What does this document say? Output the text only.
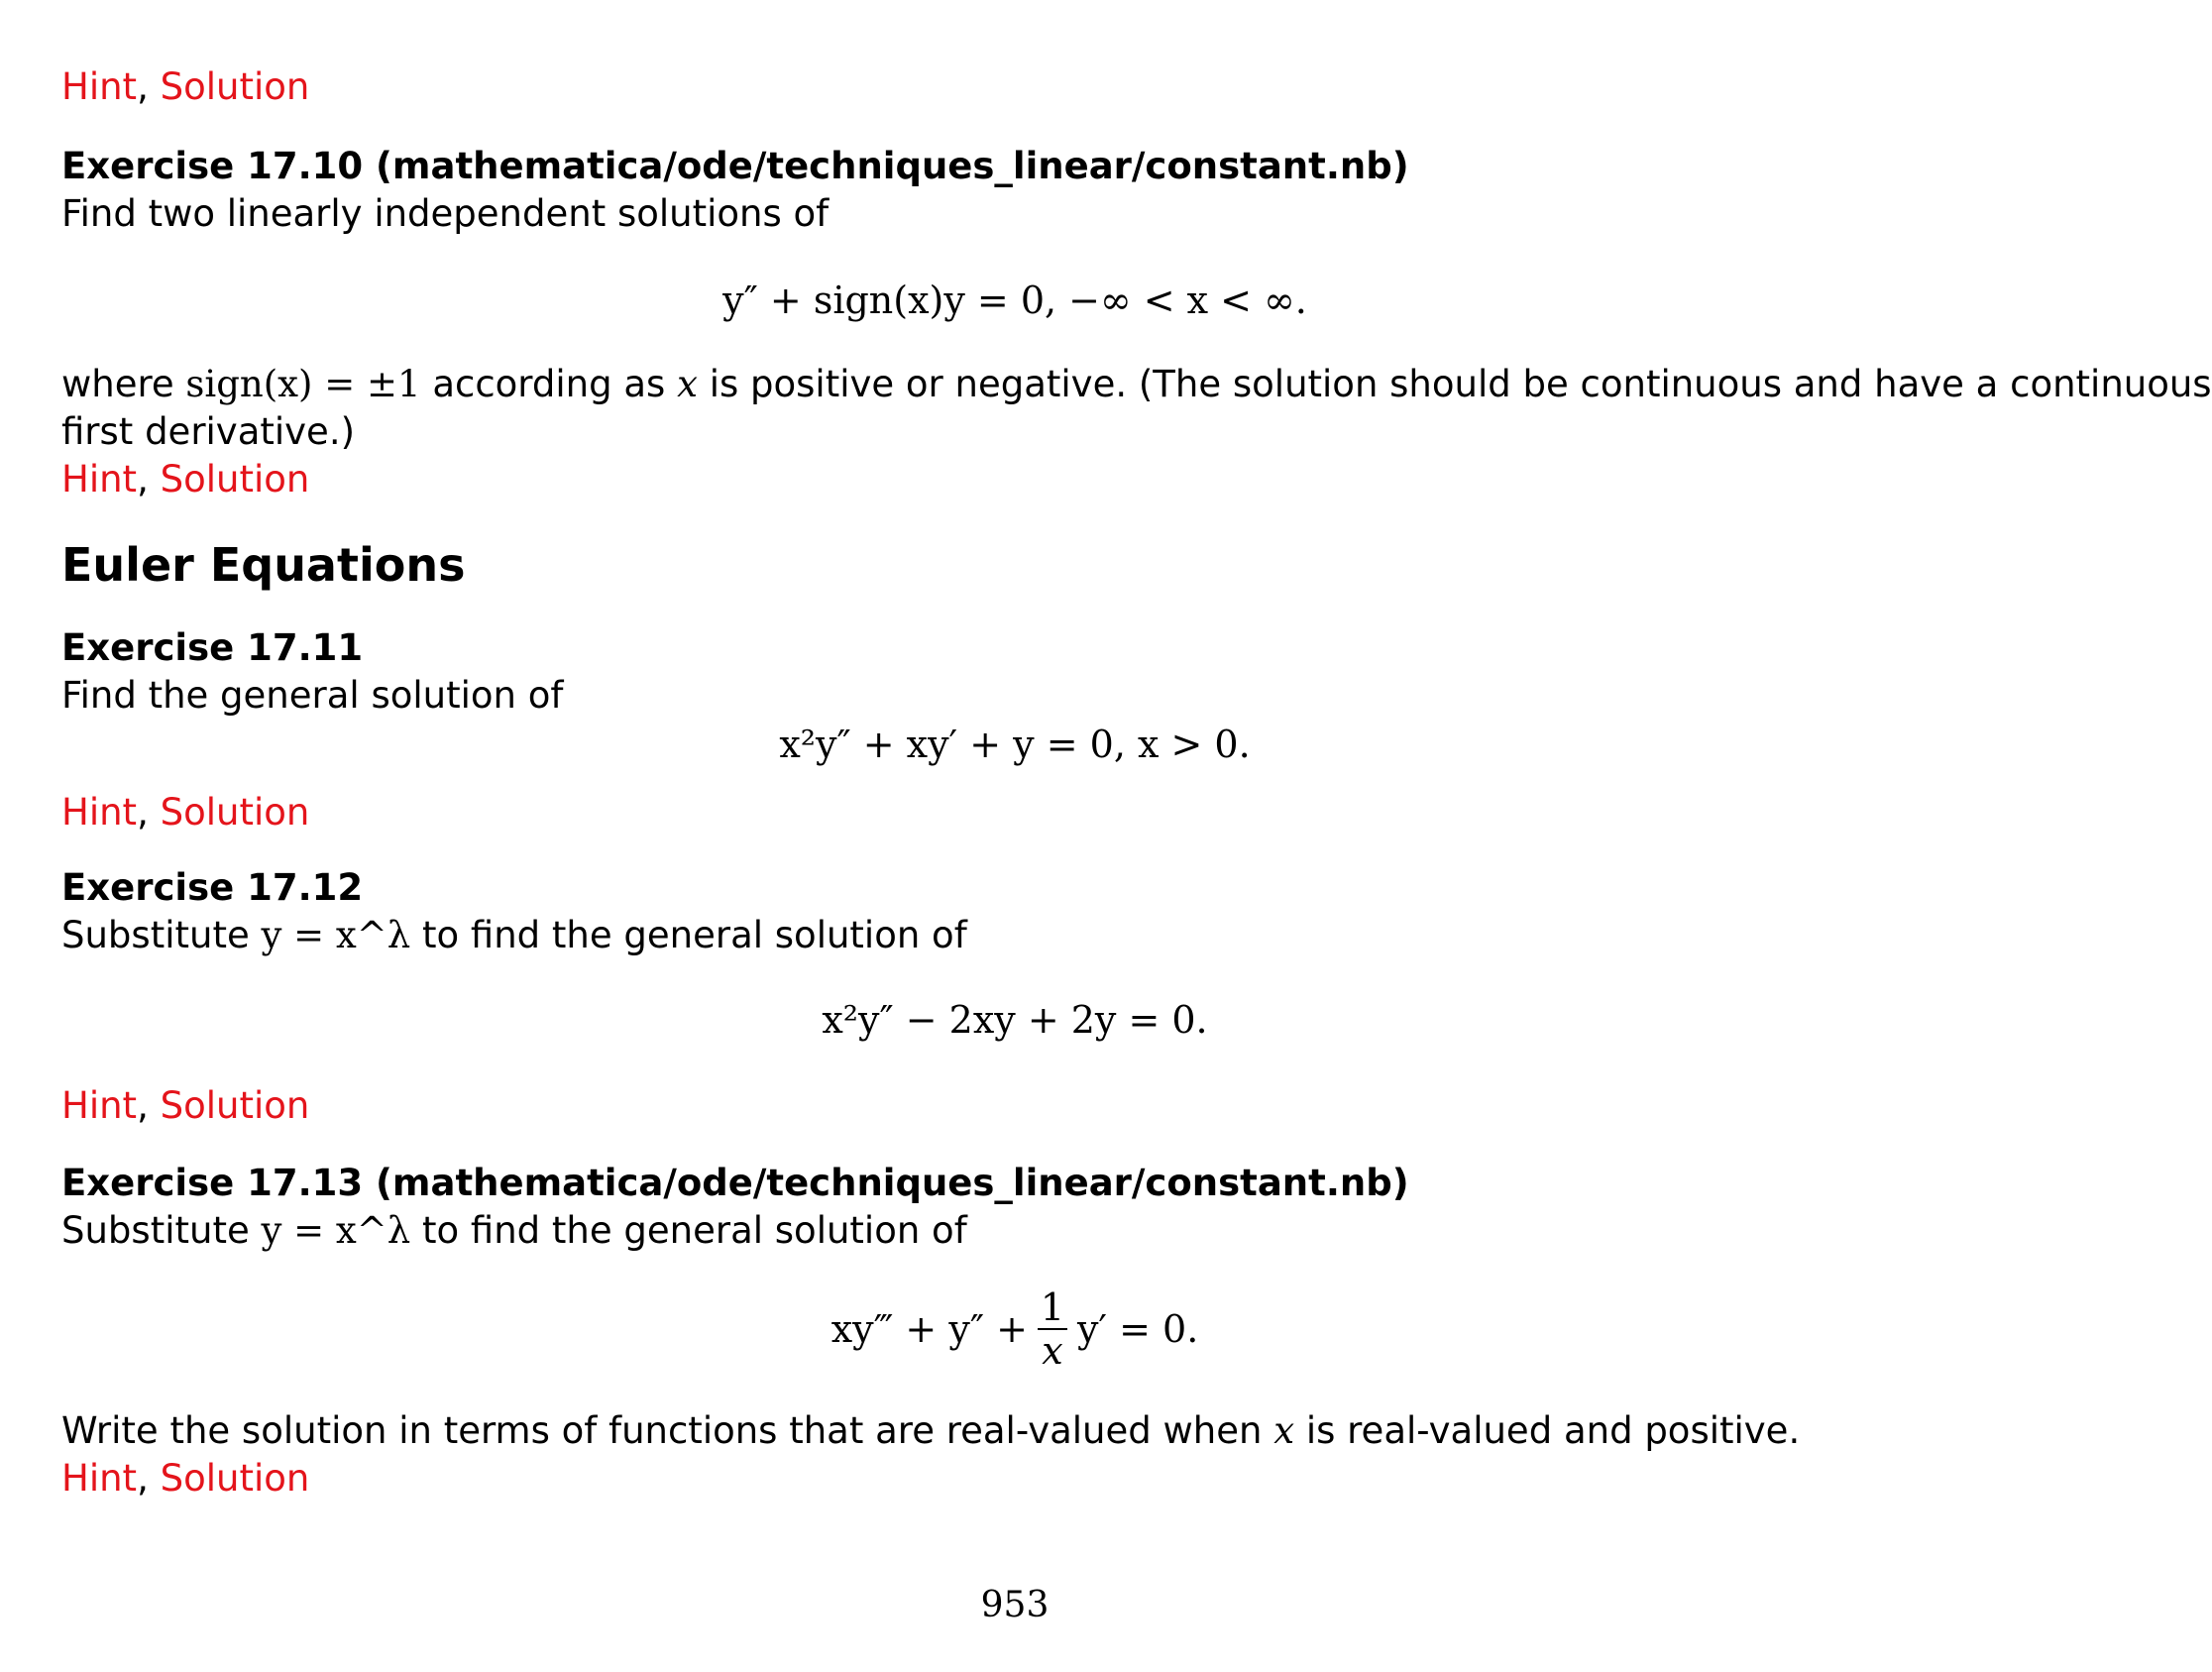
Hint, Solution
Exercise 17.10 (mathematica/ode/techniques_linear/constant.nb)
Find two linearly independent solutions of
y″ + sign(x)y = 0, −∞ < x < ∞.
where sign(x) = ±1 according as x is positive or negative. (The solution should be continuous and have a continuous
first derivative.)
Hint, Solution
Euler Equations
Exercise 17.11
Find the general solution of
x²y″ + xy′ + y = 0, x > 0.
Hint, Solution
Exercise 17.12
Substitute y = x^λ to find the general solution of
x²y″ − 2xy + 2y = 0.
Hint, Solution
Exercise 17.13 (mathematica/ode/techniques_linear/constant.nb)
Substitute y = x^λ to find the general solution of
xy‴ + y″ + 1
x y′ = 0.
Write the solution in terms of functions that are real-valued when x is real-valued and positive.
Hint, Solution
953
